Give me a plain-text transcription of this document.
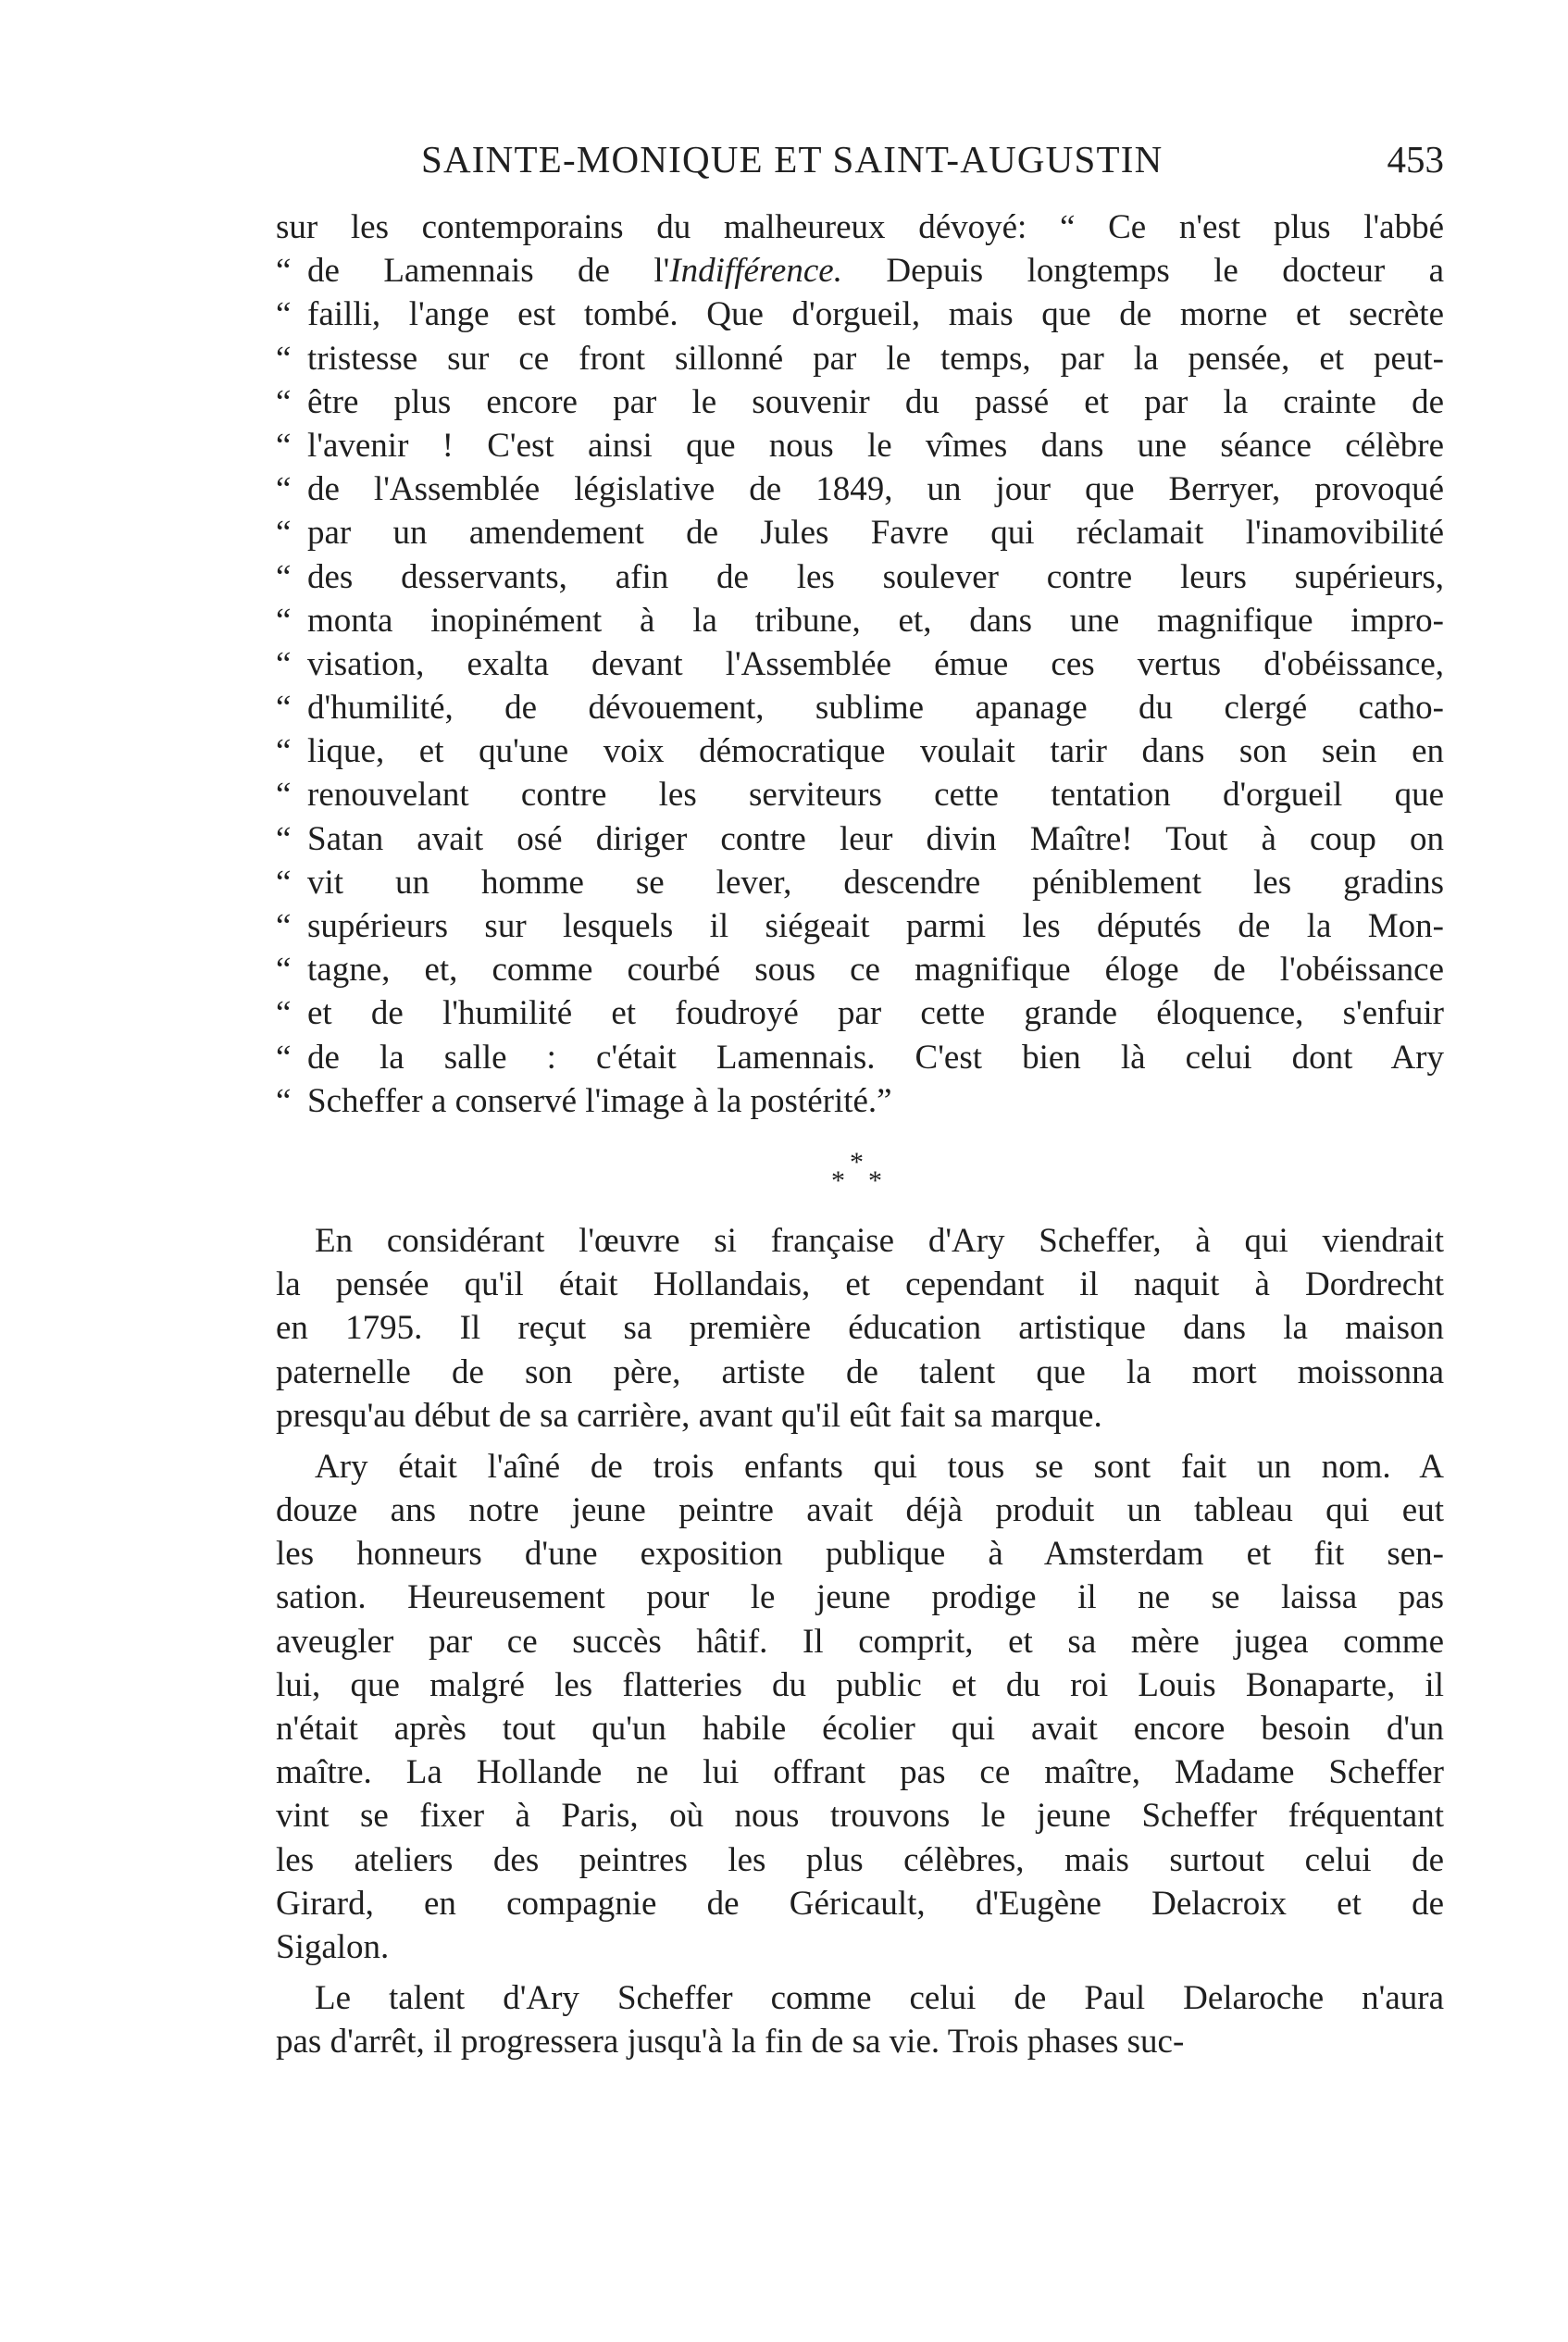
SAINTE-MONIQUE ET SAINT-AUGUSTIN	453
sur les contemporains du malheureux dévoyé: “ Ce n'est plus l'abbé
“ de Lamennais de l'Indifférence. Depuis longtemps le docteur a
“ failli, l'ange est tombé. Que d'orgueil, mais que de morne et secrète
“ tristesse sur ce front sillonné par le temps, par la pensée, et peut-
“ être plus encore par le souvenir du passé et par la crainte de
“ l'avenir ! C'est ainsi que nous le vîmes dans une séance célèbre
“ de l'Assemblée législative de 1849, un jour que Berryer, provoqué
“ par un amendement de Jules Favre qui réclamait l'inamovibilité
“ des desservants, afin de les soulever contre leurs supérieurs,
“ monta inopinément à la tribune, et, dans une magnifique impro-
“ visation, exalta devant l'Assemblée émue ces vertus d'obéissance,
“ d'humilité, de dévouement, sublime apanage du clergé catho-
“ lique, et qu'une voix démocratique voulait tarir dans son sein en
“ renouvelant contre les serviteurs cette tentation d'orgueil que
“ Satan avait osé diriger contre leur divin Maître! Tout à coup on
“ vit un homme se lever, descendre péniblement les gradins
“ supérieurs sur lesquels il siégeait parmi les députés de la Mon-
“ tagne, et, comme courbé sous ce magnifique éloge de l'obéissance
“ et de l'humilité et foudroyé par cette grande éloquence, s'enfuir
“ de la salle : c'était Lamennais. C'est bien là celui dont Ary
“ Scheffer a conservé l'image à la postérité.”
*
* *
En considérant l'œuvre si française d'Ary Scheffer, à qui viendrait
la pensée qu'il était Hollandais, et cependant il naquit à Dordrecht
en 1795. Il reçut sa première éducation artistique dans la maison
paternelle de son père, artiste de talent que la mort moissonna
presqu'au début de sa carrière, avant qu'il eût fait sa marque.
Ary était l'aîné de trois enfants qui tous se sont fait un nom. A
douze ans notre jeune peintre avait déjà produit un tableau qui eut
les honneurs d'une exposition publique à Amsterdam et fit sen-
sation. Heureusement pour le jeune prodige il ne se laissa pas
aveugler par ce succès hâtif. Il comprit, et sa mère jugea comme
lui, que malgré les flatteries du public et du roi Louis Bonaparte, il
n'était après tout qu'un habile écolier qui avait encore besoin d'un
maître. La Hollande ne lui offrant pas ce maître, Madame Scheffer
vint se fixer à Paris, où nous trouvons le jeune Scheffer fréquentant
les ateliers des peintres les plus célèbres, mais surtout celui de
Girard, en compagnie de Géricault, d'Eugène Delacroix et de
Sigalon.
Le talent d'Ary Scheffer comme celui de Paul Delaroche n'aura
pas d'arrêt, il progressera jusqu'à la fin de sa vie. Trois phases suc-
